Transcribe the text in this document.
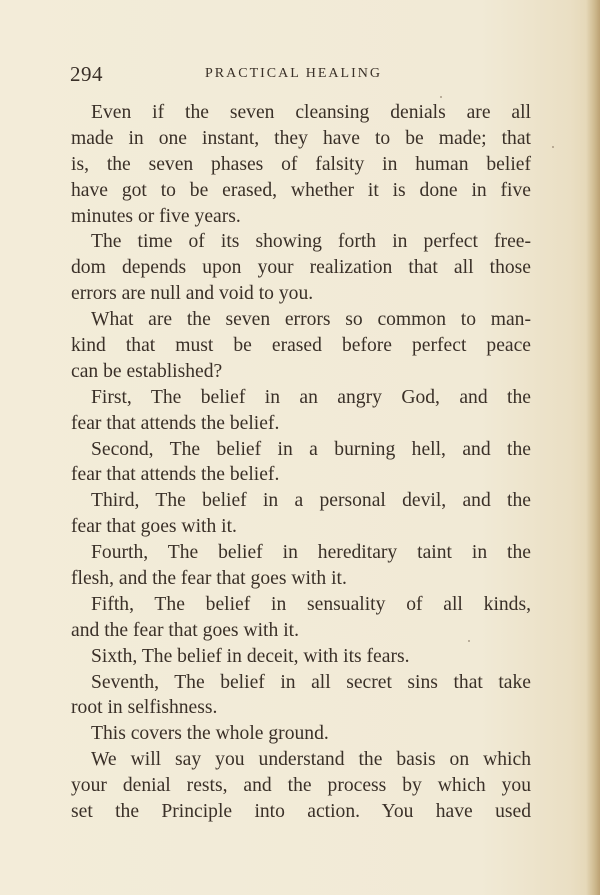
294	PRACTICAL HEALING
Even if the seven cleansing denials are all
made in one instant, they have to be made; that
is, the seven phases of falsity in human belief
have got to be erased, whether it is done in five
minutes or five years.
The time of its showing forth in perfect free-
dom depends upon your realization that all those
errors are null and void to you.
What are the seven errors so common to man-
kind that must be erased before perfect peace
can be established?
First, The belief in an angry God, and the
fear that attends the belief.
Second, The belief in a burning hell, and the
fear that attends the belief.
Third, The belief in a personal devil, and the
fear that goes with it.
Fourth, The belief in hereditary taint in the
flesh, and the fear that goes with it.
Fifth, The belief in sensuality of all kinds,
and the fear that goes with it.
Sixth, The belief in deceit, with its fears.
Seventh, The belief in all secret sins that take
root in selfishness.
This covers the whole ground.
We will say you understand the basis on which
your denial rests, and the process by which you
set the Principle into action. You have used
